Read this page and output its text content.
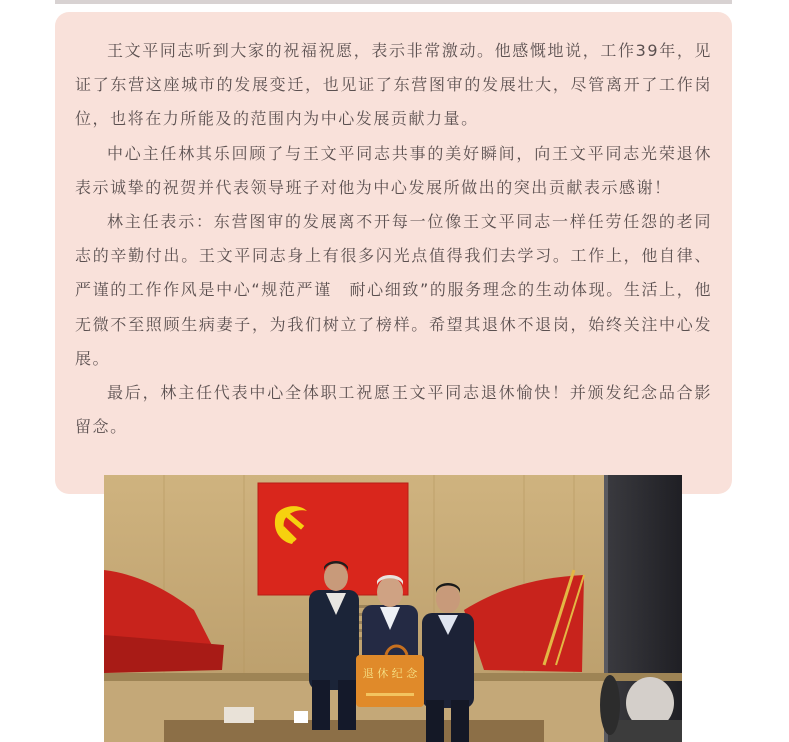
王文平同志听到大家的祝福祝愿，表示非常激动。他感慨地说，工作39年，见证了东营这座城市的发展变迁，也见证了东营图审的发展壮大，尽管离开了工作岗位，也将在力所能及的范围内为中心发展贡献力量。

中心主任林其乐回顾了与王文平同志共事的美好瞬间，向王文平同志光荣退休表示诚挚的祝贺并代表领导班子对他为中心发展所做出的突出贡献表示感谢！

林主任表示：东营图审的发展离不开每一位像王文平同志一样任劳任怨的老同志的辛勤付出。王文平同志身上有很多闪光点值得我们去学习。工作上，他自律、严谨的工作作风是中心“规范严谨　耐心细致”的服务理念的生动体现。生活上，他无微不至照顾生病妻子，为我们树立了榜样。希望其退休不退岗，始终关注中心发展。

最后，林主任代表中心全体职工祝愿王文平同志退休愉快！并颁发纪念品合影留念。

退 休 纪 念
